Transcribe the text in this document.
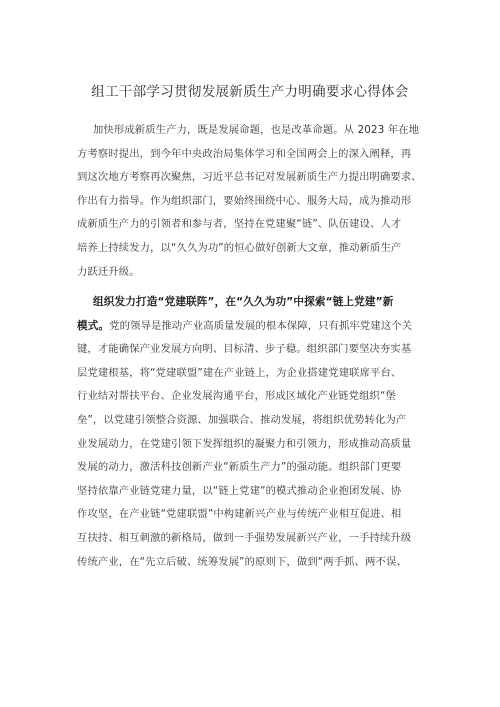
组工干部学习贯彻发展新质生产力明确要求心得体会
加快形成新质生产力，既是发展命题，也是改革命题。从 2023 年在地
方考察时提出，到今年中央政治局集体学习和全国两会上的深入阐释，再
到这次地方考察再次聚焦，习近平总书记对发展新质生产力提出明确要求、
作出有力指导。作为组织部门，要始终围绕中心、服务大局，成为推动形
成新质生产力的引领者和参与者，坚持在党建聚“链”、队伍建设、人才
培养上持续发力，以“久久为功”的恒心做好创新大文章，推动新质生产
力跃迁升级。
组织发力打造“党建联阵”，在“久久为功”中探索“链上党建”新
模式。党的领导是推动产业高质量发展的根本保障，只有抓牢党建这个关
键，才能确保产业发展方向明、目标清、步子稳。组织部门要坚决夯实基
层党建根基，将“党建联盟”建在产业链上，为企业搭建党建联席平台、
行业结对帮扶平台、企业发展沟通平台，形成区域化产业链党组织“堡
垒”，以党建引领整合资源、加强联合、推动发展，将组织优势转化为产
业发展动力，在党建引领下发挥组织的凝聚力和引领力，形成推动高质量
发展的动力，激活科技创新产业“新质生产力”的强动能。组织部门更要
坚持依靠产业链党建力量，以“链上党建”的模式推动企业抱团发展、协
作攻坚，在产业链“党建联盟”中构建新兴产业与传统产业相互促进、相
互扶持、相互刺激的新格局，做到一手强势发展新兴产业，一手持续升级
传统产业，在“先立后破、统筹发展”的原则下，做到“两手抓、两不误、
